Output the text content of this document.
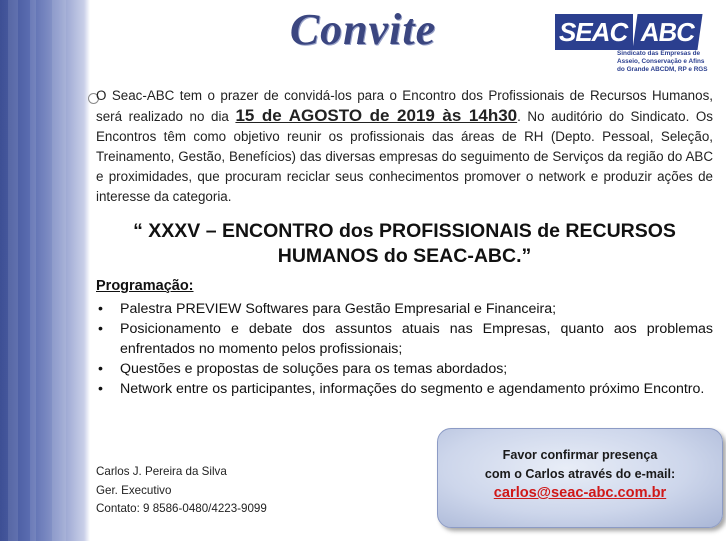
Convite	SEAC ABC
Sindicato das Empresas de Asseio, Conservação e Afins do Grande ABCDM, RP e RGS
O Seac-ABC tem o prazer de convidá-los para o Encontro dos Profissionais de Recursos Humanos, será realizado no dia 15 de AGOSTO de 2019 às 14h30. No auditório do Sindicato. Os Encontros têm como objetivo reunir os profissionais das áreas de RH (Depto. Pessoal, Seleção, Treinamento, Gestão, Benefícios) das diversas empresas do seguimento de Serviços da região do ABC e proximidades, que procuram reciclar seus conhecimentos promover o network e produzir ações de interesse da categoria.
“ XXXV – ENCONTRO dos PROFISSIONAIS de RECURSOS
HUMANOS do SEAC-ABC.”
Programação:
• Palestra PREVIEW Softwares para Gestão Empresarial e Financeira;
• Posicionamento e debate dos assuntos atuais nas Empresas, quanto aos problemas enfrentados no momento pelos profissionais;
• Questões e propostas de soluções para os temas abordados;
• Network entre os participantes, informações do segmento e agendamento próximo Encontro.
Carlos J. Pereira da Silva
Ger. Executivo
Contato: 9 8586-0480/4223-9099
Favor confirmar presença
com o Carlos através do e-mail:
carlos@seac-abc.com.br
